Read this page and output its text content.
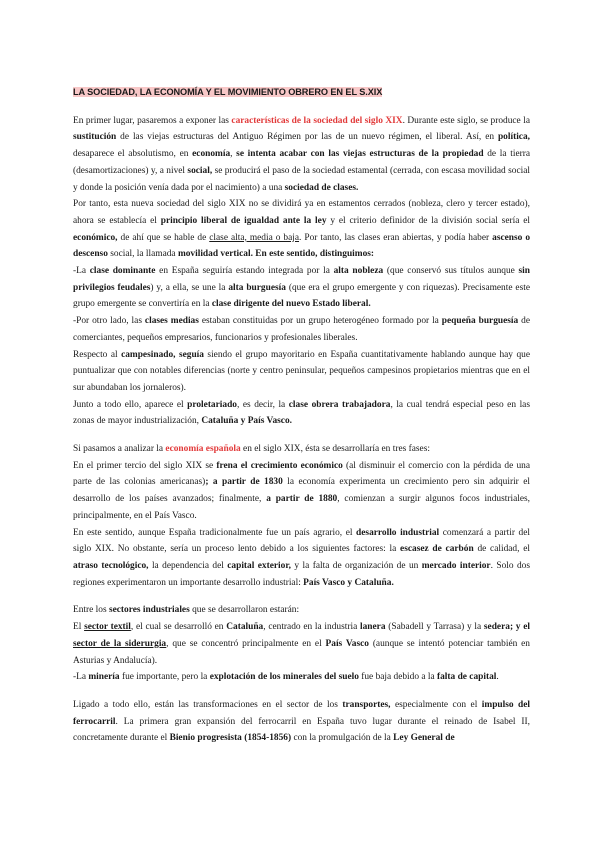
LA SOCIEDAD, LA ECONOMÍA Y EL MOVIMIENTO OBRERO EN EL S.XIX

En primer lugar, pasaremos a exponer las características de la sociedad del siglo XIX. Durante este siglo, se produce la sustitución de las viejas estructuras del Antiguo Régimen por las de un nuevo régimen, el liberal. Así, en política, desaparece el absolutismo, en economía, se intenta acabar con las viejas estructuras de la propiedad de la tierra (desamortizaciones) y, a nivel social, se producirá el paso de la sociedad estamental (cerrada, con escasa movilidad social y donde la posición venía dada por el nacimiento) a una sociedad de clases.

Por tanto, esta nueva sociedad del siglo XIX no se dividirá ya en estamentos cerrados (nobleza, clero y tercer estado), ahora se establecía el principio liberal de igualdad ante la ley y el criterio definidor de la división social sería el económico, de ahí que se hable de clase alta, media o baja. Por tanto, las clases eran abiertas, y podía haber ascenso o descenso social, la llamada movilidad vertical. En este sentido, distinguimos:

-La clase dominante en España seguiría estando integrada por la alta nobleza (que conservó sus títulos aunque sin privilegios feudales) y, a ella, se une la alta burguesía (que era el grupo emergente y con riquezas). Precisamente este grupo emergente se convertiría en la clase dirigente del nuevo Estado liberal.

-Por otro lado, las clases medias estaban constituidas por un grupo heterogéneo formado por la pequeña burguesía de comerciantes, pequeños empresarios, funcionarios y profesionales liberales.

Respecto al campesinado, seguía siendo el grupo mayoritario en España cuantitativamente hablando aunque hay que puntualizar que con notables diferencias (norte y centro peninsular, pequeños campesinos propietarios mientras que en el sur abundaban los jornaleros).

Junto a todo ello, aparece el proletariado, es decir, la clase obrera trabajadora, la cual tendrá especial peso en las zonas de mayor industrialización, Cataluña y País Vasco.

Si pasamos a analizar la economía española en el siglo XIX, ésta se desarrollaría en tres fases:

En el primer tercio del siglo XIX se frena el crecimiento económico (al disminuir el comercio con la pérdida de una parte de las colonias americanas); a partir de 1830 la economía experimenta un crecimiento pero sin adquirir el desarrollo de los países avanzados; finalmente, a partir de 1880, comienzan a surgir algunos focos industriales, principalmente, en el País Vasco.

En este sentido, aunque España tradicionalmente fue un país agrario, el desarrollo industrial comenzará a partir del siglo XIX. No obstante, sería un proceso lento debido a los siguientes factores: la escasez de carbón de calidad, el atraso tecnológico, la dependencia del capital exterior, y la falta de organización de un mercado interior. Solo dos regiones experimentaron un importante desarrollo industrial: País Vasco y Cataluña.

Entre los sectores industriales que se desarrollaron estarán:

El sector textil, el cual se desarrolló en Cataluña, centrado en la industria lanera (Sabadell y Tarrasa) y la sedera; y el sector de la siderurgia, que se concentró principalmente en el País Vasco (aunque se intentó potenciar también en Asturias y Andalucía).

-La minería fue importante, pero la explotación de los minerales del suelo fue baja debido a la falta de capital.

Ligado a todo ello, están las transformaciones en el sector de los transportes, especialmente con el impulso del ferrocarril. La primera gran expansión del ferrocarril en España tuvo lugar durante el reinado de Isabel II, concretamente durante el Bienio progresista (1854-1856) con la promulgación de la Ley General de
